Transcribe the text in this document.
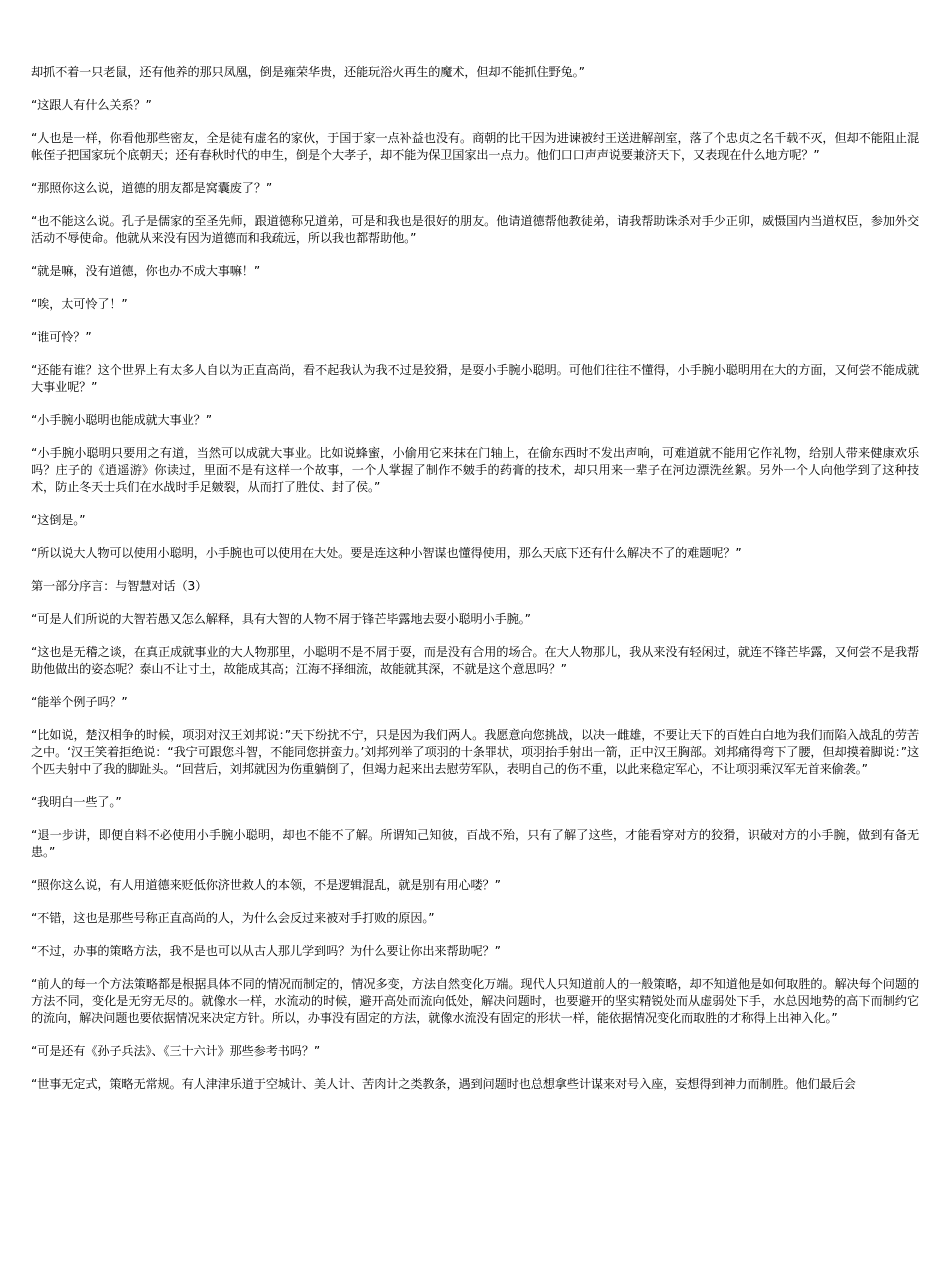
却抓不着一只老鼠，还有他养的那只凤凰，倒是雍荣华贵，还能玩浴火再生的魔术，但却不能抓住野兔。”

“这跟人有什么关系？”

“人也是一样，你看他那些密友，全是徒有虚名的家伙，于国于家一点补益也没有。商朝的比干因为进谏被纣王送进解剖室，落了个忠贞之名千载不灭，但却不能阻止混帐侄子把国家玩个底朝天；还有春秋时代的申生，倒是个大孝子，却不能为保卫国家出一点力。他们口口声声说要兼济天下，又表现在什么地方呢？”

“那照你这么说，道德的朋友都是窝囊废了？”

“也不能这么说。孔子是儒家的至圣先师，跟道德称兄道弟，可是和我也是很好的朋友。他请道德帮他教徒弟，请我帮助诛杀对手少正卯，威慑国内当道权臣，参加外交活动不辱使命。他就从来没有因为道德而和我疏远，所以我也都帮助他。”

“就是嘛，没有道德，你也办不成大事嘛！”

“唉，太可怜了！”

“谁可怜？”

“还能有谁？这个世界上有太多人自以为正直高尚，看不起我认为我不过是狡猾，是耍小手腕小聪明。可他们往往不懂得，小手腕小聪明用在大的方面，又何尝不能成就大事业呢？”

“小手腕小聪明也能成就大事业？”

“小手腕小聪明只要用之有道，当然可以成就大事业。比如说蜂蜜，小偷用它来抹在门轴上，在偷东西时不发出声响，可难道就不能用它作礼物，给别人带来健康欢乐吗？庄子的《逍遥游》你读过，里面不是有这样一个故事，一个人掌握了制作不皴手的药膏的技术，却只用来一辈子在河边漂洗丝絮。另外一个人向他学到了这种技术，防止冬天士兵们在水战时手足皴裂，从而打了胜仗、封了侯。”

“这倒是。”

“所以说大人物可以使用小聪明，小手腕也可以使用在大处。要是连这种小智谋也懂得使用，那么天底下还有什么解决不了的难题呢？”

第一部分序言：与智慧对话（3）

“可是人们所说的大智若愚又怎么解释，具有大智的人物不屑于锋芒毕露地去耍小聪明小手腕。”

“这也是无稽之谈，在真正成就事业的大人物那里，小聪明不是不屑于耍，而是没有合用的场合。在大人物那儿，我从来没有轻闲过，就连不锋芒毕露，又何尝不是我帮助他做出的姿态呢？泰山不让寸土，故能成其高；江海不择细流，故能就其深，不就是这个意思吗？”

“能举个例子吗？”

“比如说，楚汉相争的时候，项羽对汉王刘邦说：”天下纷扰不宁，只是因为我们两人。我愿意向您挑战，以决一雌雄，不要让天下的百姓白白地为我们而陷入战乱的劳苦之中。‘汉王笑着拒绝说：“我宁可跟您斗智，不能同您拼蛮力。’刘邦列举了项羽的十条罪状，项羽抬手射出一箭，正中汉王胸部。刘邦痛得弯下了腰，但却摸着脚说：”这个匹夫射中了我的脚趾头。“回营后，刘邦就因为伤重躺倒了，但竭力起来出去慰劳军队，表明自己的伤不重，以此来稳定军心，不让项羽乘汉军无首来偷袭。”

“我明白一些了。”

“退一步讲，即便自料不必使用小手腕小聪明，却也不能不了解。所谓知己知彼，百战不殆，只有了解了这些，才能看穿对方的狡猾，识破对方的小手腕，做到有备无患。”

“照你这么说，有人用道德来贬低你济世救人的本领，不是逻辑混乱，就是别有用心喽？”

“不错，这也是那些号称正直高尚的人，为什么会反过来被对手打败的原因。”

“不过，办事的策略方法，我不是也可以从古人那儿学到吗？为什么要让你出来帮助呢？”

“前人的每一个方法策略都是根据具体不同的情况而制定的，情况多变，方法自然变化万端。现代人只知道前人的一般策略，却不知道他是如何取胜的。解决每个问题的方法不同，变化是无穷无尽的。就像水一样，水流动的时候，避开高处而流向低处，解决问题时，也要避开的坚实精锐处而从虚弱处下手，水总因地势的高下而制约它的流向，解决问题也要依据情况来决定方针。所以，办事没有固定的方法，就像水流没有固定的形状一样，能依据情况变化而取胜的才称得上出神入化。”

“可是还有《孙子兵法》、《三十六计》那些参考书吗？”

“世事无定式，策略无常规。有人津津乐道于空城计、美人计、苦肉计之类教条，遇到问题时也总想拿些计谋来对号入座，妄想得到神力而制胜。他们最后会
